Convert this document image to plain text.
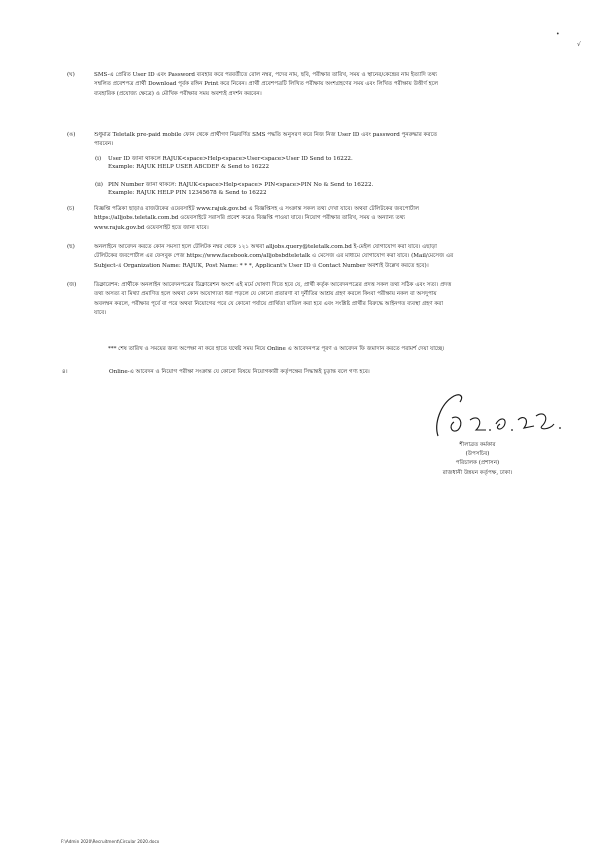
•
√
(ঘ)	SMS-এ প্রেরিত User ID এবং Password ব্যবহার করে পরবর্তীতে রোল নম্বর, পদের নাম, ছবি, পরীক্ষার তারিখ, সময় ও স্থানের/কেন্দ্রের নাম ইত্যাদি তথ্য
সম্বলিত প্রবেশপত্র প্রার্থী Download পূর্বক রঙ্গিন Print করে নিবেন। প্রার্থী প্রবেশপত্রটি লিখিত পরীক্ষায় অংশগ্রহণের সময় এবং লিখিত পরীক্ষায় উত্তীর্ণ হলে
ব্যবহারিক (প্রযোজ্য ক্ষেত্রে) ও মৌখিক পরীক্ষার সময় অবশ্যই প্রদর্শন করবেন।
(ঙ)	শুধুমাত্র Teletalk pre-paid mobile ফোন থেকে প্রার্থীগণ নিম্নবর্ণিত SMS পদ্ধতি অনুসরণ করে নিজ নিজ User ID এবং password পুনরুদ্ধার করতে
পারবেন।
(i) User ID জানা থাকলে RAJUK<space>Help<space>User<space>User ID Send to 16222.
Example: RAJUK HELP USER ABCDEF & Send to 16222
(ii) PIN Number জানা থাকলে: RAJUK<space>Help<space> PIN<space>PIN No & Send to 16222.
Example: RAJUK HELP PIN 12345678 & Send to 16222
(চ)	বিজ্ঞপ্তি পত্রিকা ছাড়াও রাজউকের ওয়েবসাইট www.rajuk.gov.bd এ বিজ্ঞপ্তিসহ এ সংক্রান্ত সকল তথ্য দেখা যাবে। অথবা টেলিটকের জবপোর্টাল
https://alljobs.teletalk.com.bd ওয়েবসাইটে সরাসরি প্রবেশ করেও বিজ্ঞপ্তি পাওয়া যাবে। নিয়োগ পরীক্ষার তারিখ, সময় ও অন্যান্য তথ্য
www.rajuk.gov.bd ওয়েবসাইট হতে জানা যাবে।
(ছ)	অনলাইনে আবেদন করতে কোন সমস্যা হলে টেলিটক নম্বর থেকে ১২১ অথবা alljobs.query@teletalk.com.bd ই-মেইল যোগাযোগ করা যাবে। এছাড়া
টেলিটকের জবপোর্টাল এর ফেসবুক পেজ https://www.facebook.com/alljobsbdteletalk এ মেসেজ এর মাধ্যমে যোগাযোগ করা যাবে। (Mail/মেসেজ এর
Subject-এ Organization Name: RAJUK, Post Name: * * *, Applicant's User ID ও Contact Number অবশ্যই উল্লেখ করতে হবে)।
(জ)	ডিক্লারেশন: প্রার্থীকে অনলাইন আবেদনপত্রের ডিক্লারেশন অংশে এই মর্মে ঘোষণা দিতে হবে যে, প্রার্থী কর্তৃক আবেদনপত্রের প্রদত্ত সকল তথ্য সঠিক এবং সত্য। প্রদত্ত
তথ্য অসত্য বা মিথ্যা প্রমাণিত হলে অথবা কোন অযোগ্যতা ধরা পড়লে যে কোনো প্রতারণা বা দুর্নীতির আশ্রয় গ্রহণ করলে কিংবা পরীক্ষায় নকল বা অসদুপায়
অবলম্বন করলে, পরীক্ষার পূর্বে বা পরে অথবা নিয়োগের পরে যে কোনো পর্যায়ে প্রার্থিতা বাতিল করা হবে এবং সংশ্লিষ্ট প্রার্থীর বিরুদ্ধে আইনগত ব্যবস্থা গ্রহণ করা
যাবে।
*** শেষ তারিখ ও সময়ের জন্য অপেক্ষা না করে হাতে যথেষ্ট সময় নিয়ে Online এ আবেদনপত্র পূরণ ও আবেদন ফি জমাদান করতে পরামর্শ দেয়া যাচ্ছে।
৪।	Online-এ আবেদন ও নিয়োগ পরীক্ষা সংক্রান্ত যে কোনো বিষয়ে নিয়োগকারী কর্তৃপক্ষের সিদ্ধান্তই চূড়ান্ত বলে গণ্য হবে।
শীলাব্রত কর্মকার
(উপসচিব)
পরিচালক (প্রশাসন)
রাজধানী উন্নয়ন কর্তৃপক্ষ, ঢাকা।
F:\Admin 2020\Recruitment\Circular 2020.docx
